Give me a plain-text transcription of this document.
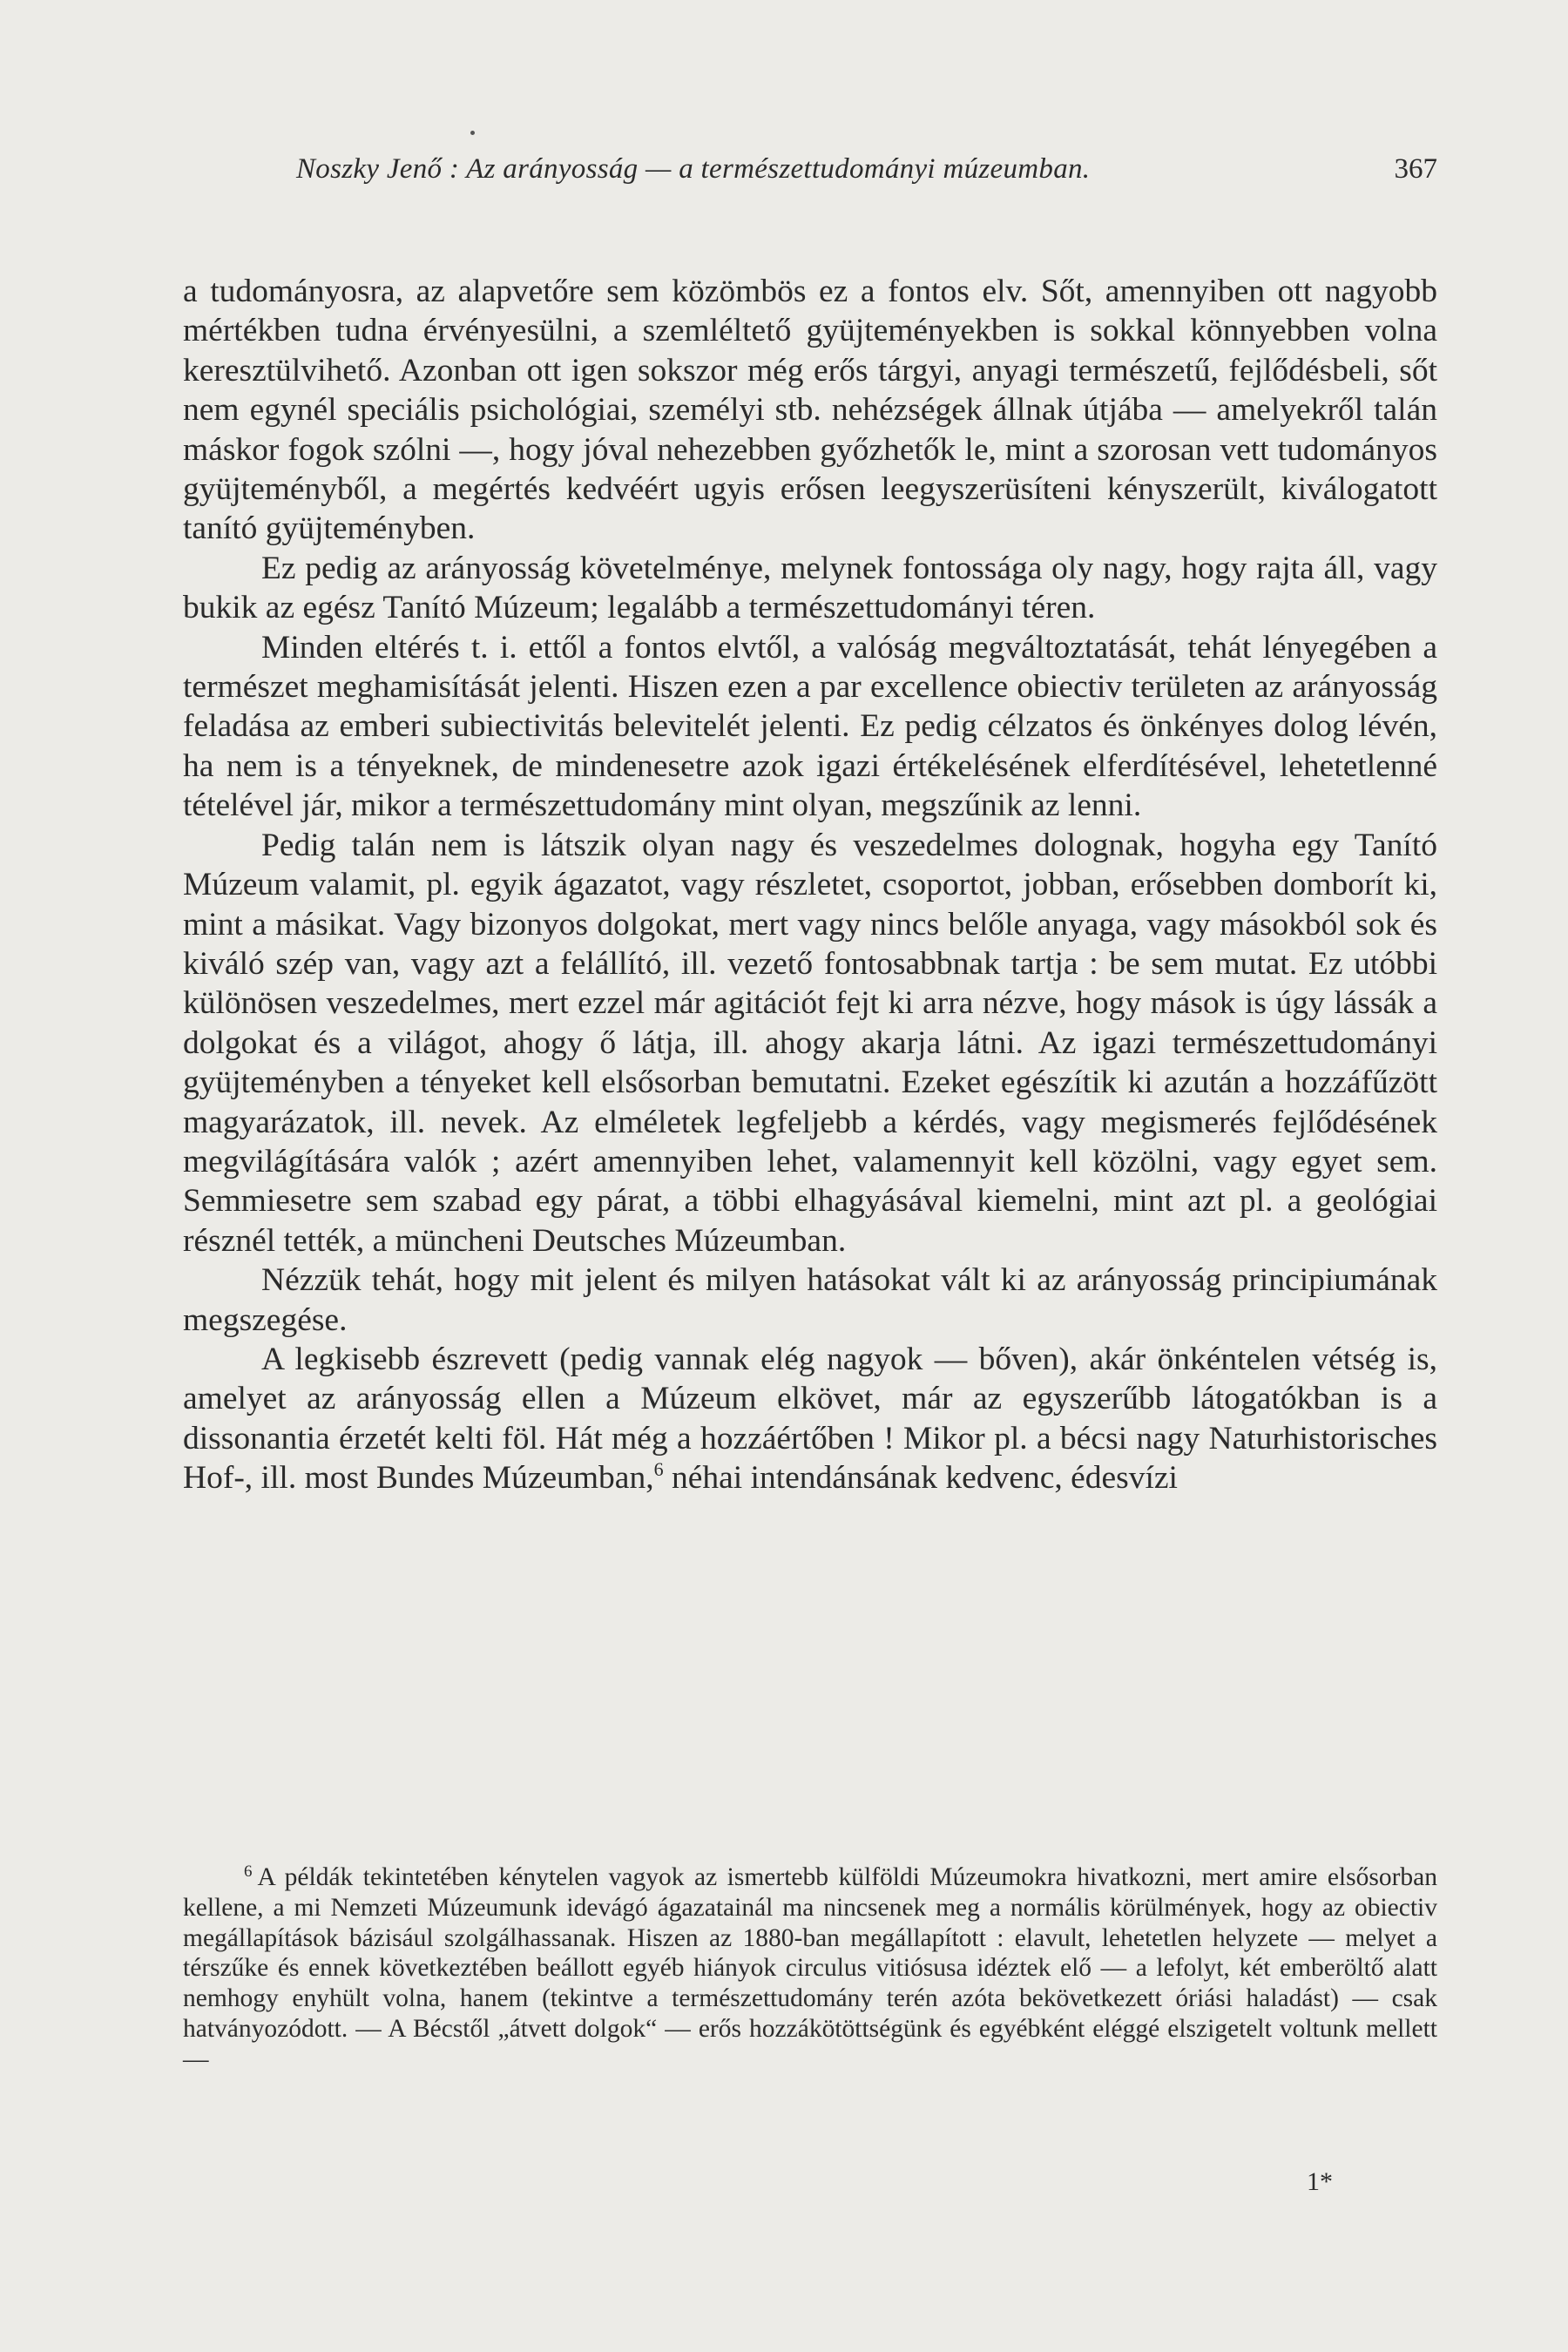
Noszky Jenő : Az arányosság — a természettudományi múzeumban.	367

a tudományosra, az alapvetőre sem közömbös ez a fontos elv. Sőt, amennyiben ott nagyobb mértékben tudna érvényesülni, a szemléltető gyüjteményekben is sokkal könnyebben volna keresztülvihető. Azonban ott igen sokszor még erős tárgyi, anyagi természetű, fejlődésbeli, sőt nem egynél speciális psichológiai, személyi stb. nehézségek állnak útjába — amelyekről talán máskor fogok szólni —, hogy jóval nehezebben győzhetők le, mint a szorosan vett tudományos gyüjteményből, a megértés kedvéért ugyis erősen leegyszerüsíteni kényszerült, kiválogatott tanító gyüjteményben.

Ez pedig az arányosság követelménye, melynek fontossága oly nagy, hogy rajta áll, vagy bukik az egész Tanító Múzeum; legalább a természettudományi téren.

Minden eltérés t. i. ettől a fontos elvtől, a valóság megváltoztatását, tehát lényegében a természet meghamisítását jelenti. Hiszen ezen a par excellence obiectiv területen az arányosság feladása az emberi subiectivitás belevitelét jelenti. Ez pedig célzatos és önkényes dolog lévén, ha nem is a tényeknek, de mindenesetre azok igazi értékelésének elferdítésével, lehetetlenné tételével jár, mikor a természettudomány mint olyan, megszűnik az lenni.

Pedig talán nem is látszik olyan nagy és veszedelmes dolognak, hogyha egy Tanító Múzeum valamit, pl. egyik ágazatot, vagy részletet, csoportot, jobban, erősebben domborít ki, mint a másikat. Vagy bizonyos dolgokat, mert vagy nincs belőle anyaga, vagy másokból sok és kiváló szép van, vagy azt a felállító, ill. vezető fontosabbnak tartja : be sem mutat. Ez utóbbi különösen veszedelmes, mert ezzel már agitációt fejt ki arra nézve, hogy mások is úgy lássák a dolgokat és a világot, ahogy ő látja, ill. ahogy akarja látni. Az igazi természettudományi gyüjteményben a tényeket kell elsősorban bemutatni. Ezeket egészítik ki azután a hozzáfűzött magyarázatok, ill. nevek. Az elméletek legfeljebb a kérdés, vagy megismerés fejlődésének megvilágítására valók ; azért amennyiben lehet, valamennyit kell közölni, vagy egyet sem. Semmiesetre sem szabad egy párat, a többi elhagyásával kiemelni, mint azt pl. a geológiai résznél tették, a müncheni Deutsches Múzeumban.

Nézzük tehát, hogy mit jelent és milyen hatásokat vált ki az arányosság principiumának megszegése.

A legkisebb észrevett (pedig vannak elég nagyok — bőven), akár önkéntelen vétség is, amelyet az arányosság ellen a Múzeum elkövet, már az egyszerűbb látogatókban is a dissonantia érzetét kelti föl. Hát még a hozzáértőben ! Mikor pl. a bécsi nagy Naturhistorisches Hof-, ill. most Bundes Múzeumban,$^6$ néhai intendánsának kedvenc, édesvízi

$^6$ A példák tekintetében kénytelen vagyok az ismertebb külföldi Múzeumokra hivatkozni, mert amire elsősorban kellene, a mi Nemzeti Múzeumunk idevágó ágazatainál ma nincsenek meg a normális körülmények, hogy az obiectiv megállapítások bázisául szolgálhassanak. Hiszen az 1880-ban megállapított : elavult, lehetetlen helyzete — melyet a térszűke és ennek következtében beállott egyéb hiányok circulus vitiósusa idéztek elő — a lefolyt, két emberöltő alatt nemhogy enyhült volna, hanem (tekintve a természettudomány terén azóta bekövetkezett óriási haladást) — csak hatványozódott. — A Bécstől „átvett dolgok“ — erős hozzákötöttségünk és egyébként eléggé elszigetelt voltunk mellett —

1*
